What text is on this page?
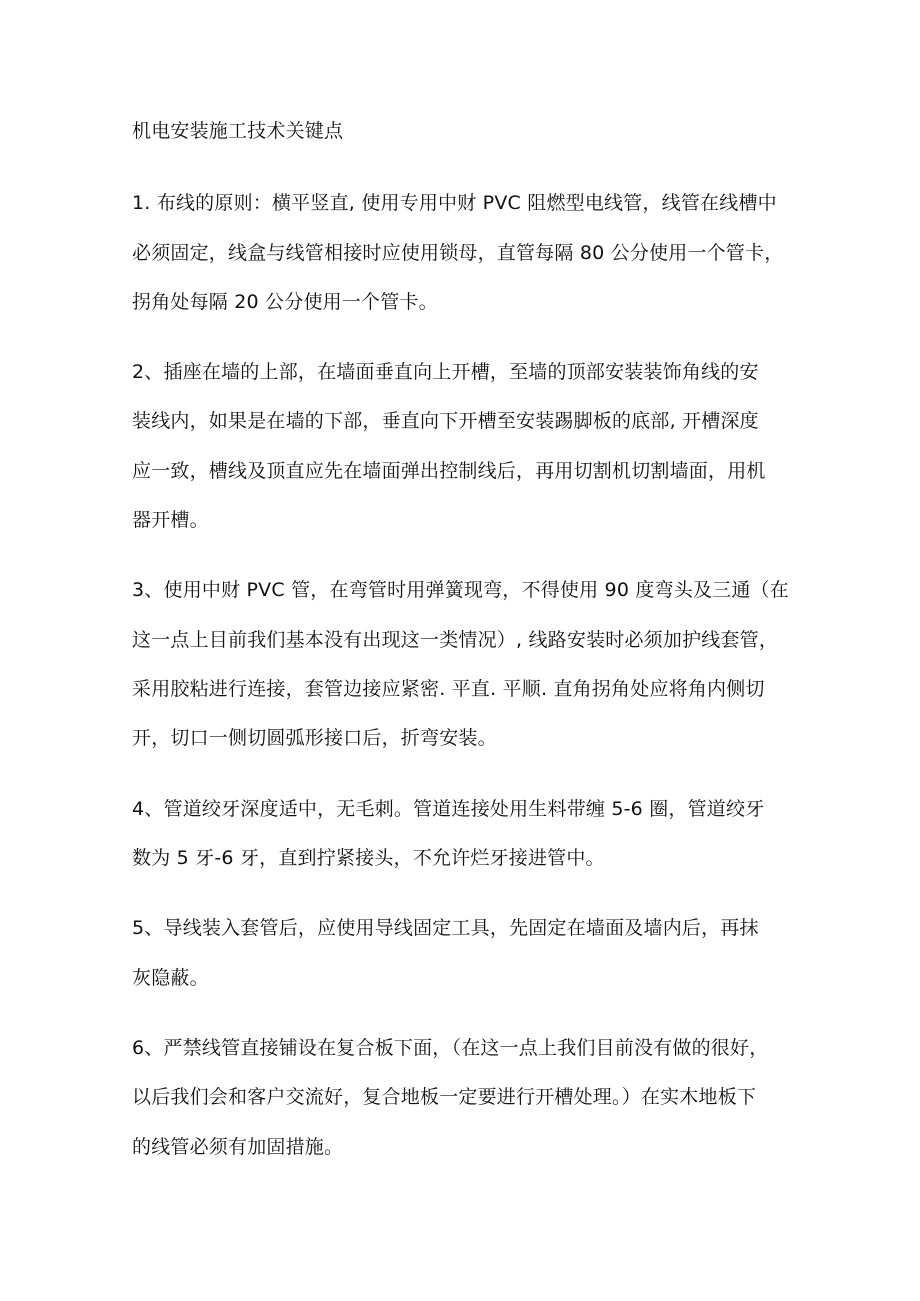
机电安装施工技术关键点
1. 布线的原则：横平竖直, 使用专用中财 PVC 阻燃型电线管，线管在线槽中
必须固定，线盒与线管相接时应使用锁母，直管每隔 80 公分使用一个管卡，
拐角处每隔 20 公分使用一个管卡。
2、插座在墙的上部，在墙面垂直向上开槽，至墙的顶部安装装饰角线的安
装线内，如果是在墙的下部，垂直向下开槽至安装踢脚板的底部, 开槽深度
应一致，槽线及顶直应先在墙面弹出控制线后，再用切割机切割墙面，用机
器开槽。
3、使用中财 PVC 管，在弯管时用弹簧现弯，不得使用 90 度弯头及三通（在
这一点上目前我们基本没有出现这一类情况）, 线路安装时必须加护线套管，
采用胶粘进行连接，套管边接应紧密. 平直. 平顺. 直角拐角处应将角内侧切
开，切口一侧切圆弧形接口后，折弯安装。
4、管道绞牙深度适中，无毛刺。管道连接处用生料带缠 5-6 圈，管道绞牙
数为 5 牙-6 牙，直到拧紧接头，不允许烂牙接进管中。
5、导线装入套管后，应使用导线固定工具，先固定在墙面及墙内后，再抹
灰隐蔽。
6、严禁线管直接铺设在复合板下面，（在这一点上我们目前没有做的很好，
以后我们会和客户交流好，复合地板一定要进行开槽处理。）在实木地板下
的线管必须有加固措施。
